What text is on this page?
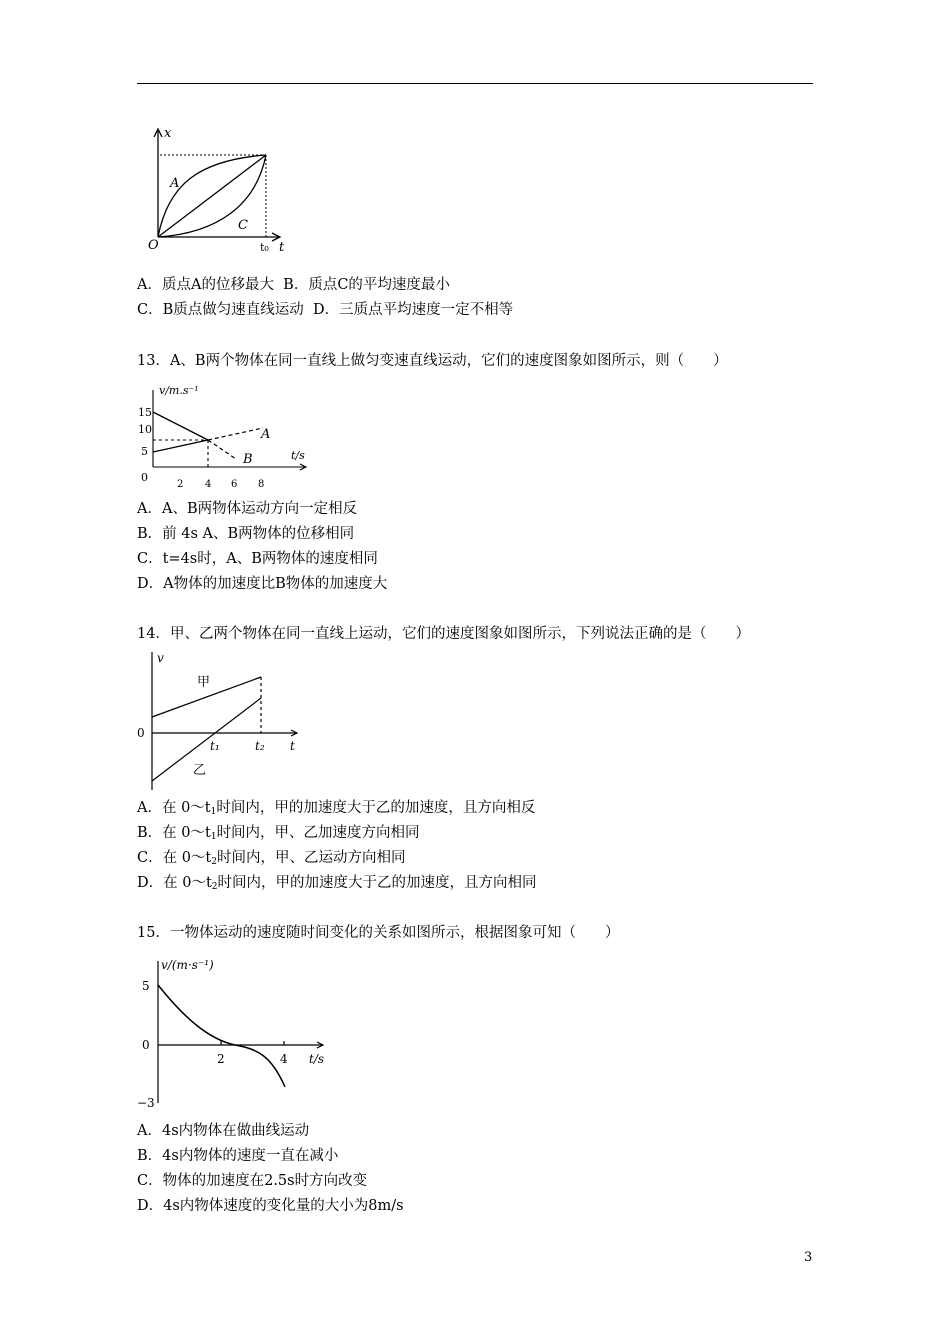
x
O	t₀ t
A
C
A．质点A的位移最大  B．质点C的平均速度最小
C．B质点做匀速直线运动  D．三质点平均速度一定不相等
13．A、B两个物体在同一直线上做匀变速直线运动，它们的速度图象如图所示，则（　　）
v/m.s⁻¹
15
10
5
0
2 4 6 8
t/s
A
B
A．A、B两物体运动方向一定相反
B．前 4s A、B两物体的位移相同
C．t=4s时，A、B两物体的速度相同
D．A物体的加速度比B物体的加速度大
14．甲、乙两个物体在同一直线上运动，它们的速度图象如图所示，下列说法正确的是（　　）
v
0
t₁	t₂ t
甲
乙
A．在 $0\sim t_1$时间内，甲的加速度大于乙的加速度，且方向相反
B．在 $0\sim t_1$时间内，甲、乙加速度方向相同
C．在 $0\sim t_2$时间内，甲、乙运动方向相同
D．在 $0\sim t_2$时间内，甲的加速度大于乙的加速度，且方向相同
15．一物体运动的速度随时间变化的关系如图所示，根据图象可知（　　）
v/(m·s⁻¹)
5
0
−3
2	4 t/s
A．4s内物体在做曲线运动
B．4s内物体的速度一直在减小
C．物体的加速度在2.5s时方向改变
D．4s内物体速度的变化量的大小为8m/s
3
